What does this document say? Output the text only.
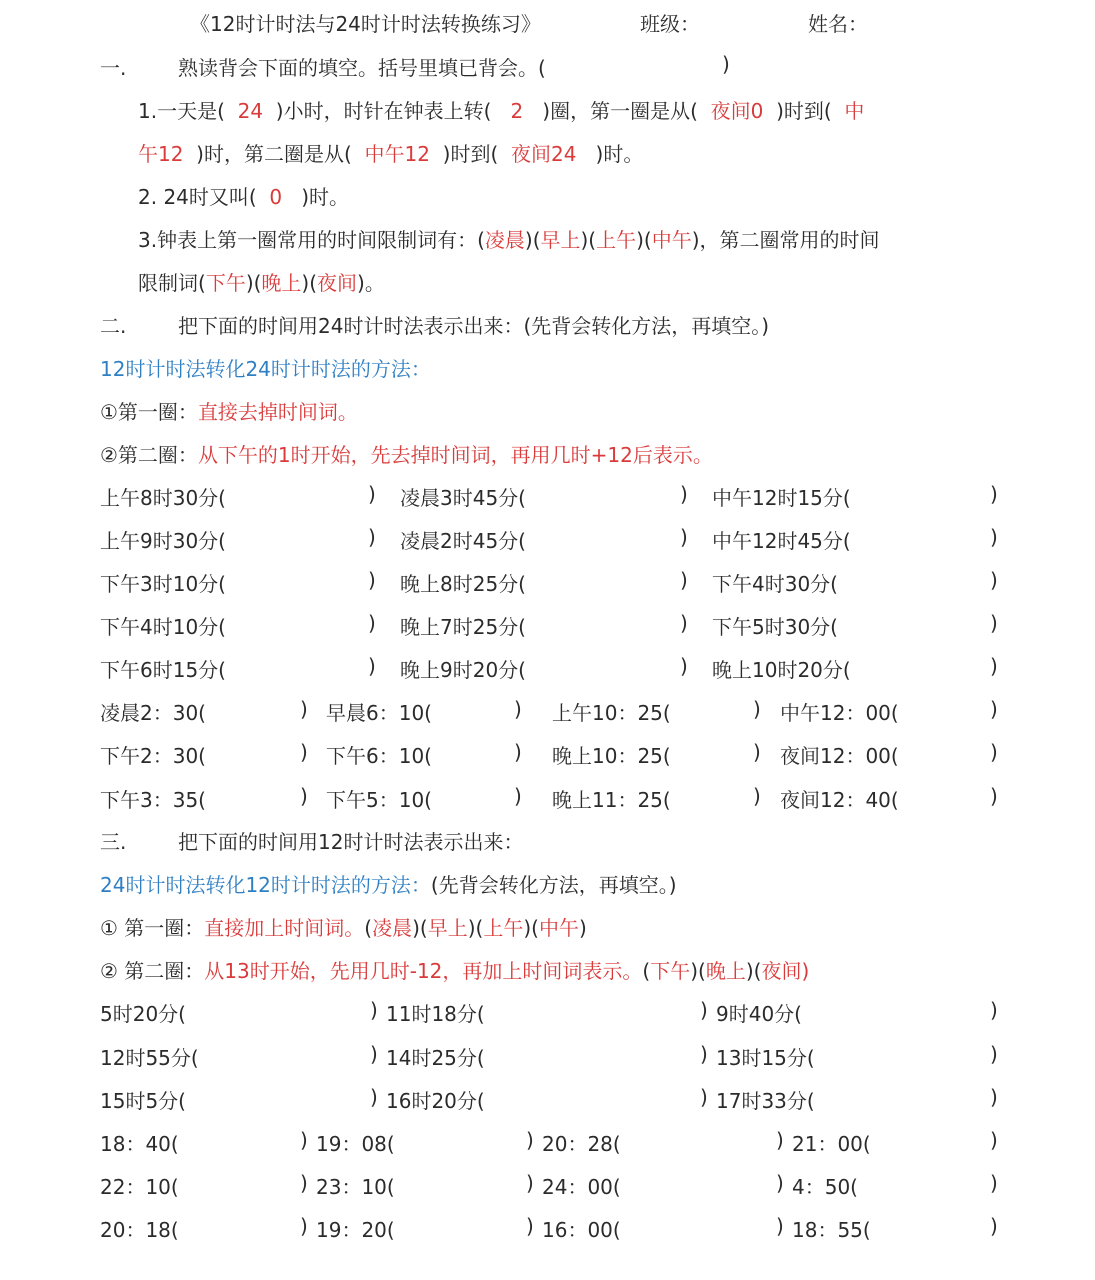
《12时计时法与24时计时法转换练习》	班级：	姓名：
一.	熟读背会下面的填空。括号里填已背会。(	)
1.一天是( 24 )小时，时针在钟表上转( 2 )圈，第一圈是从( 夜间0 )时到( 中
午12 )时，第二圈是从( 中午12 )时到( 夜间24 )时。
2. 24时又叫( 0 )时。
3.钟表上第一圈常用的时间限制词有：(凌晨)(早上)(上午)(中午)，第二圈常用的时间
限制词(下午)(晚上)(夜间)。
二.	把下面的时间用24时计时法表示出来：(先背会转化方法，再填空。)
12时计时法转化24时计时法的方法：
①第一圈：直接去掉时间词。
②第二圈：从下午的1时开始，先去掉时间词，再用几时+12后表示。
上午8时30分(	) 凌晨3时45分(	) 中午12时15分(	)
上午9时30分(	) 凌晨2时45分(	) 中午12时45分(	)
下午3时10分(	) 晚上8时25分(	) 下午4时30分(	)
下午4时10分(	) 晚上7时25分(	) 下午5时30分(	)
下午6时15分(	) 晚上9时20分(	) 晚上10时20分(	)
凌晨2：30(	) 早晨6：10(	) 上午10：25(	) 中午12：00(	)
下午2：30(	) 下午6：10(	) 晚上10：25(	) 夜间12：00(	)
下午3：35(	) 下午5：10(	) 晚上11：25(	) 夜间12：40(	)
三.	把下面的时间用12时计时法表示出来：
24时计时法转化12时计时法的方法：(先背会转化方法，再填空。)
① 第一圈：直接加上时间词。(凌晨)(早上)(上午)(中午)
② 第二圈：从13时开始，先用几时-12，再加上时间词表示。(下午)(晚上)(夜间)
5时20分(	) 11时18分(	) 9时40分(	)
12时55分(	) 14时25分(	) 13时15分(	)
15时5分(	) 16时20分(	) 17时33分(	)
18：40(	) 19：08(	) 20：28(	) 21：00(	)
22：10(	) 23：10(	) 24：00(	) 4：50(	)
20：18(	) 19：20(	) 16：00(	) 18：55(	)
